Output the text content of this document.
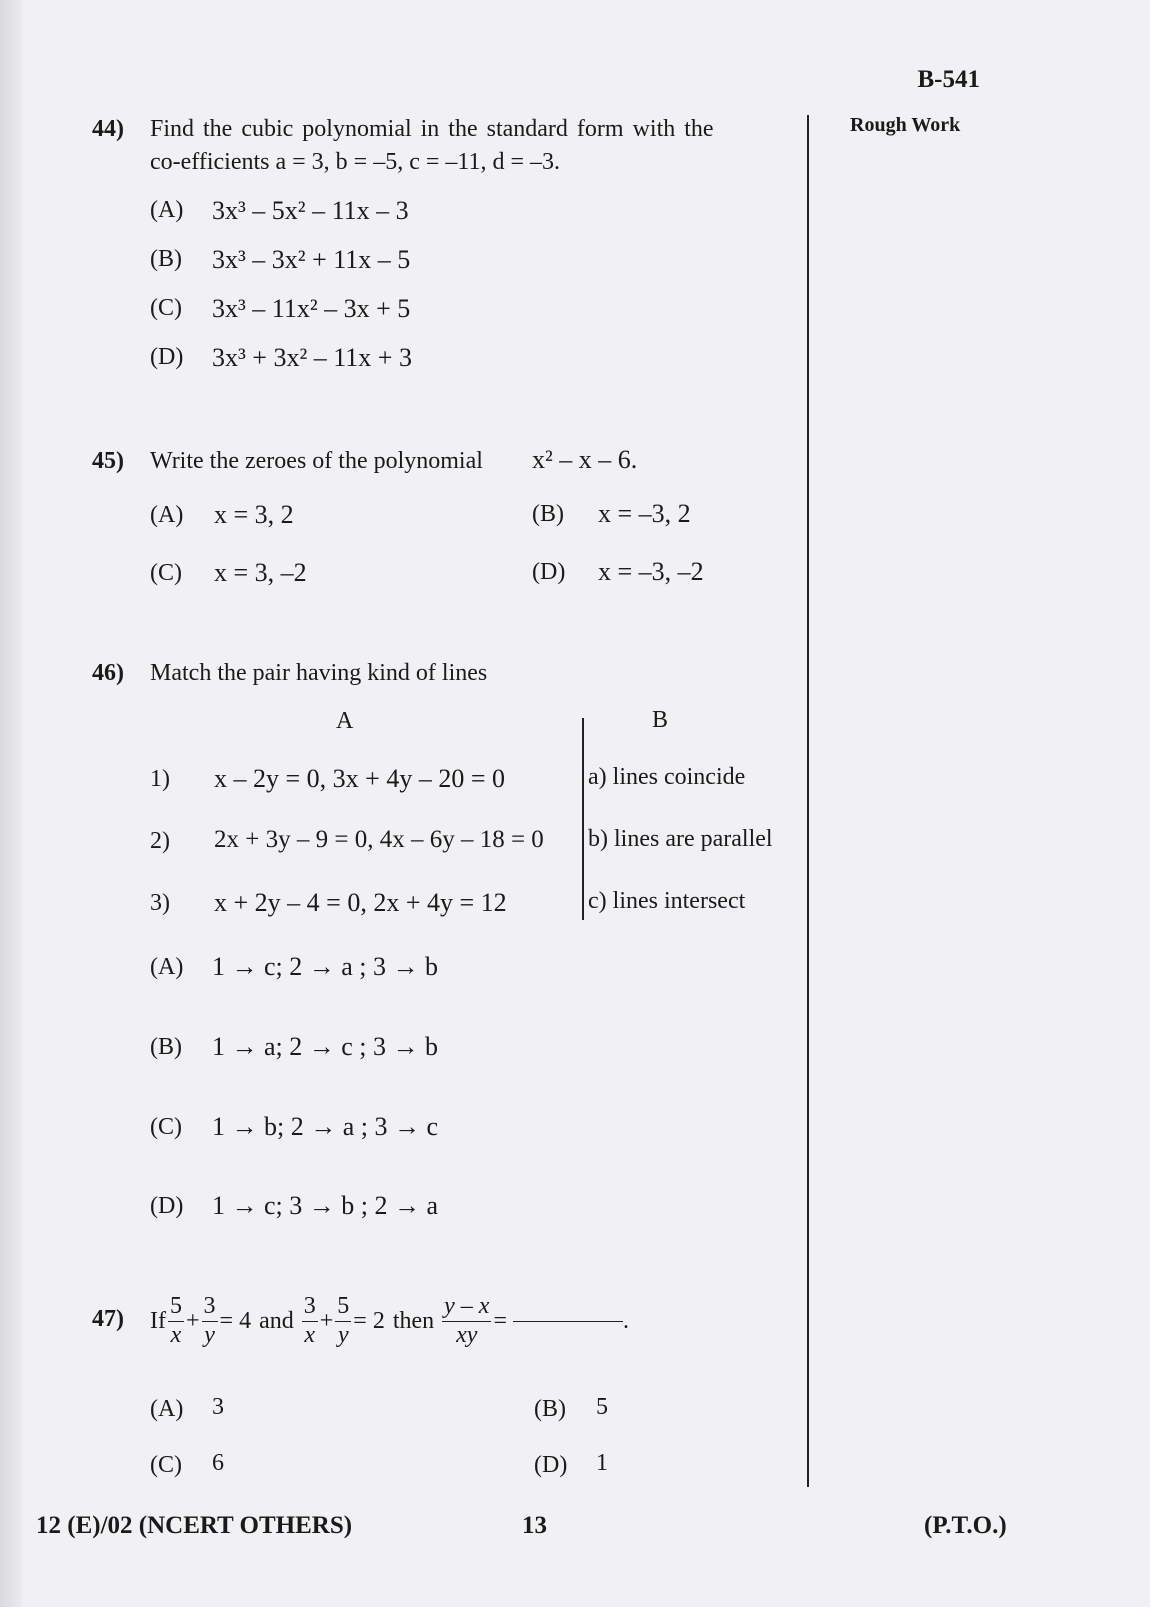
B-541
Rough Work
44) Find the cubic polynomial in the standard form with the
co-efficients a = 3, b = –5, c = –11, d = –3.
(A) 3x³ – 5x² – 11x – 3
(B) 3x³ – 3x² + 11x – 5
(C) 3x³ – 11x² – 3x + 5
(D) 3x³ + 3x² – 11x + 3
45) Write the zeroes of the polynomial x² – x – 6.
(A) x = 3, 2	(B) x = –3, 2
(C) x = 3, –2	(D) x = –3, –2
46) Match the pair having kind of lines
A	B
1) x – 2y = 0, 3x + 4y – 20 = 0	a) lines coincide
2) 2x + 3y – 9 = 0, 4x – 6y – 18 = 0 b) lines are parallel
3) x + 2y – 4 = 0, 2x + 4y = 12	c) lines intersect
(A) 1 → c; 2 → a ; 3 → b
(B) 1 → a; 2 → c ; 3 → b
(C) 1 → b; 2 → a ; 3 → c
(D) 1 → c; 3 → b ; 2 → a
47) If $\frac{5}{x} + \frac{3}{y} = 4$ and $\frac{3}{x} + \frac{5}{y} = 2$ then $\frac{y - x}{xy}$ =	.
(A) 3	(B) 5
(C) 6	(D) 1
12 (E)/02 (NCERT OTHERS)	13	(P.T.O.)
